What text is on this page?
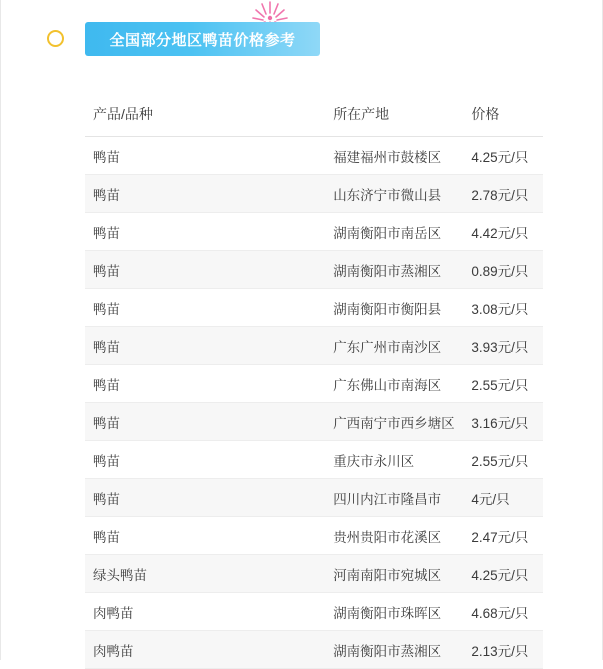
全国部分地区鸭苗价格参考
产品/品种	所在产地	价格
鸭苗	福建福州市鼓楼区	4.25元/只
鸭苗	山东济宁市微山县	2.78元/只
鸭苗	湖南衡阳市南岳区	4.42元/只
鸭苗	湖南衡阳市蒸湘区	0.89元/只
鸭苗	湖南衡阳市衡阳县	3.08元/只
鸭苗	广东广州市南沙区	3.93元/只
鸭苗	广东佛山市南海区	2.55元/只
鸭苗	广西南宁市西乡塘区	3.16元/只
鸭苗	重庆市永川区	2.55元/只
鸭苗	四川内江市隆昌市	4元/只
鸭苗	贵州贵阳市花溪区	2.47元/只
绿头鸭苗	河南南阳市宛城区	4.25元/只
肉鸭苗	湖南衡阳市珠晖区	4.68元/只
肉鸭苗	湖南衡阳市蒸湘区	2.13元/只
